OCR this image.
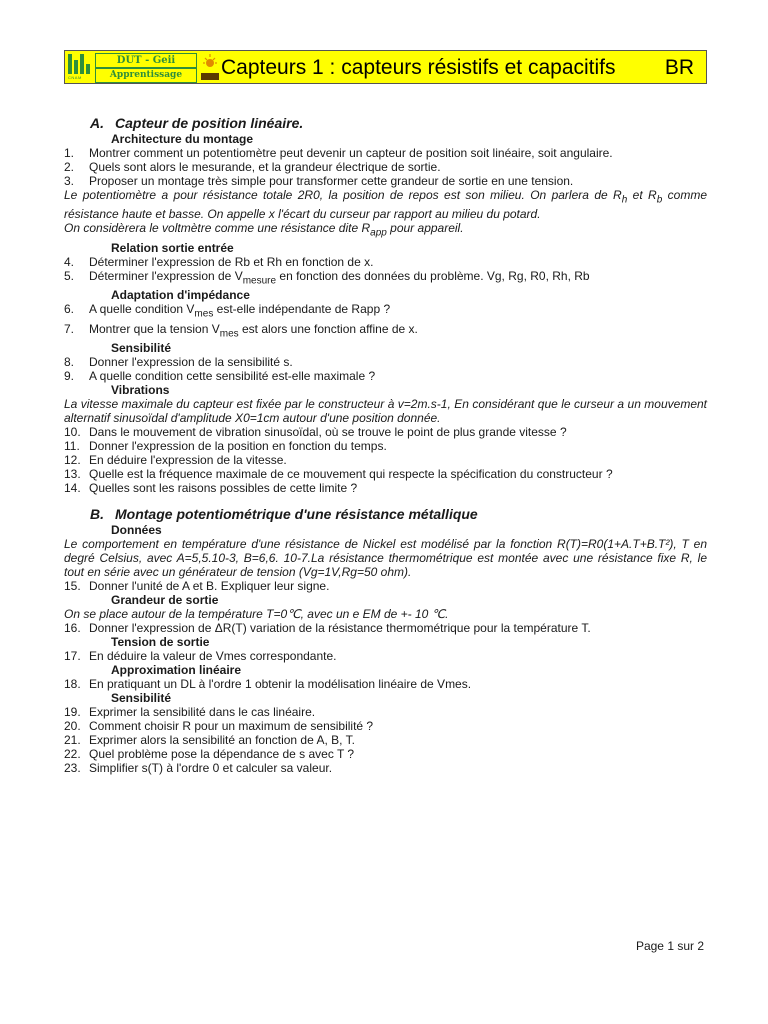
CNAM
DUT - Geii
Apprentissage	Capteurs 1 : capteurs résistifs et capacitifs BR
A. Capteur de position linéaire.
Architecture du montage
1. Montrer comment un potentiomètre peut devenir un capteur de position soit linéaire, soit angulaire.
2. Quels sont alors le mesurande, et la grandeur électrique de sortie.
3. Proposer un montage très simple pour transformer cette grandeur de sortie en une tension.
Le potentiomètre a pour résistance totale 2R0, la position de repos est son milieu. On parlera de $R_h$ et $R_b$ comme résistance haute et basse. On appelle x l'écart du curseur par rapport au milieu du potard.
On considèrera le voltmètre comme une résistance dite $R_{app}$ pour appareil.
Relation sortie entrée
4. Déterminer l'expression de Rb et Rh en fonction de x.
5. Déterminer l'expression de $V_{mesure}$ en fonction des données du problème. Vg, Rg, R0, Rh, Rb
Adaptation d'impédance
6. A quelle condition $V_{mes}$ est-elle indépendante de Rapp ?
7. Montrer que la tension $V_{mes}$ est alors une fonction affine de x.
Sensibilité
8. Donner l'expression de la sensibilité s.
9. A quelle condition cette sensibilité est-elle maximale ?
Vibrations
La vitesse maximale du capteur est fixée par le constructeur à v=2m.s-1, En considérant que le curseur a un mouvement alternatif sinusoïdal d'amplitude X0=1cm autour d'une position donnée.
10. Dans le mouvement de vibration sinusoïdal, où se trouve le point de plus grande vitesse ?
11. Donner l'expression de la position en fonction du temps.
12. En déduire l'expression de la vitesse.
13. Quelle est la fréquence maximale de ce mouvement qui respecte la spécification du constructeur ?
14. Quelles sont les raisons possibles de cette limite ?
B. Montage potentiométrique d'une résistance métallique
Données
Le comportement en température d'une résistance de Nickel est modélisé par la fonction R(T)=R0(1+A.T+B.T²), T en degré Celsius, avec A=5,5.10-3, B=6,6. 10-7.La résistance thermométrique est montée avec une résistance fixe R, le tout en série avec un générateur de tension (Vg=1V,Rg=50 ohm).
15. Donner l'unité de A et B. Expliquer leur signe.
Grandeur de sortie
On se place autour de la température T=0℃, avec un e EM de +- 10 ℃.
16. Donner l'expression de ΔR(T) variation de la résistance thermométrique pour la température T.
Tension de sortie
17. En déduire la valeur de Vmes correspondante.
Approximation linéaire
18. En pratiquant un DL à l'ordre 1 obtenir la modélisation linéaire de Vmes.
Sensibilité
19. Exprimer la sensibilité dans le cas linéaire.
20. Comment choisir R pour un maximum de sensibilité ?
21. Exprimer alors la sensibilité an fonction de A, B, T.
22. Quel problème pose la dépendance de s avec T ?
23. Simplifier s(T) à l'ordre 0 et calculer sa valeur.
Page 1 sur 2
